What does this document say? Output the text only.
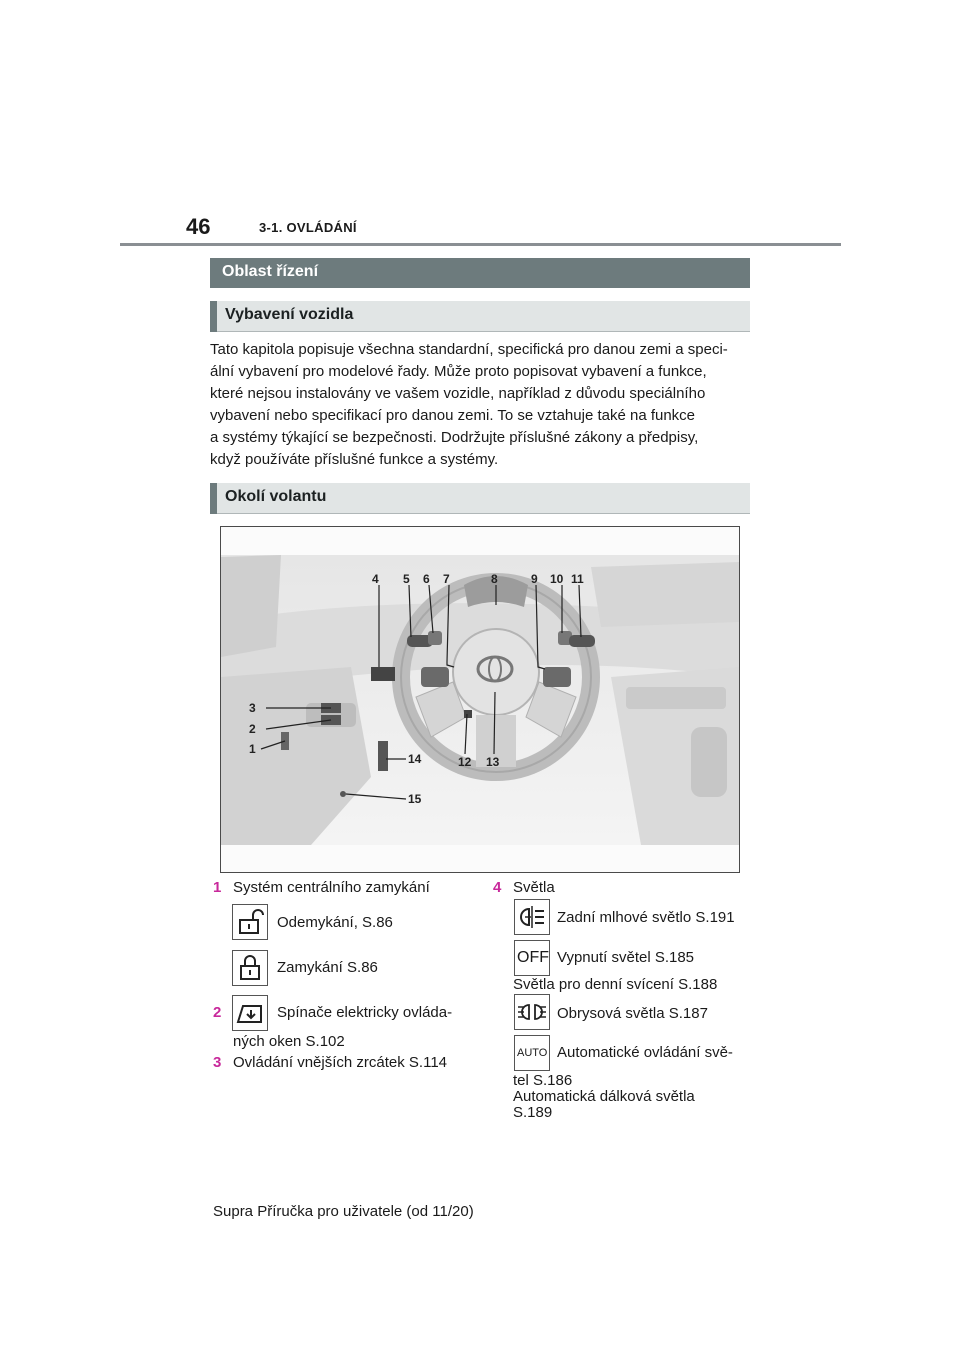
46	3-1. OVLÁDÁNÍ
Oblast řízení
Vybavení vozidla
Tato kapitola popisuje všechna standardní, specifická pro danou zemi a speci-
ální vybavení pro modelové řady. Může proto popisovat vybavení a funkce,
které nejsou instalovány ve vašem vozidle, například z důvodu speciálního
vybavení nebo specifikací pro danou zemi. To se vztahuje také na funkce
a systémy týkající se bezpečnosti. Dodržujte příslušné zákony a předpisy,
když používáte příslušné funkce a systémy.
Okolí volantu
4 5 6 7	8	9 10 11
3
2
1
12 13
14
15
1 Systém centrálního zamykání
Odemykání, S.86
Zamykání S.86
2	Spínače elektricky ovláda-
ných oken S.102
3 Ovládání vnějších zrcátek S.114
4 Světla
Zadní mlhové světlo S.191
OFF Vypnutí světel S.185
Světla pro denní svícení S.188
Obrysová světla S.187
AUTO Automatické ovládání svě-
tel S.186
Automatická dálková světla
S.189
Supra Příručka pro uživatele (od 11/20)
